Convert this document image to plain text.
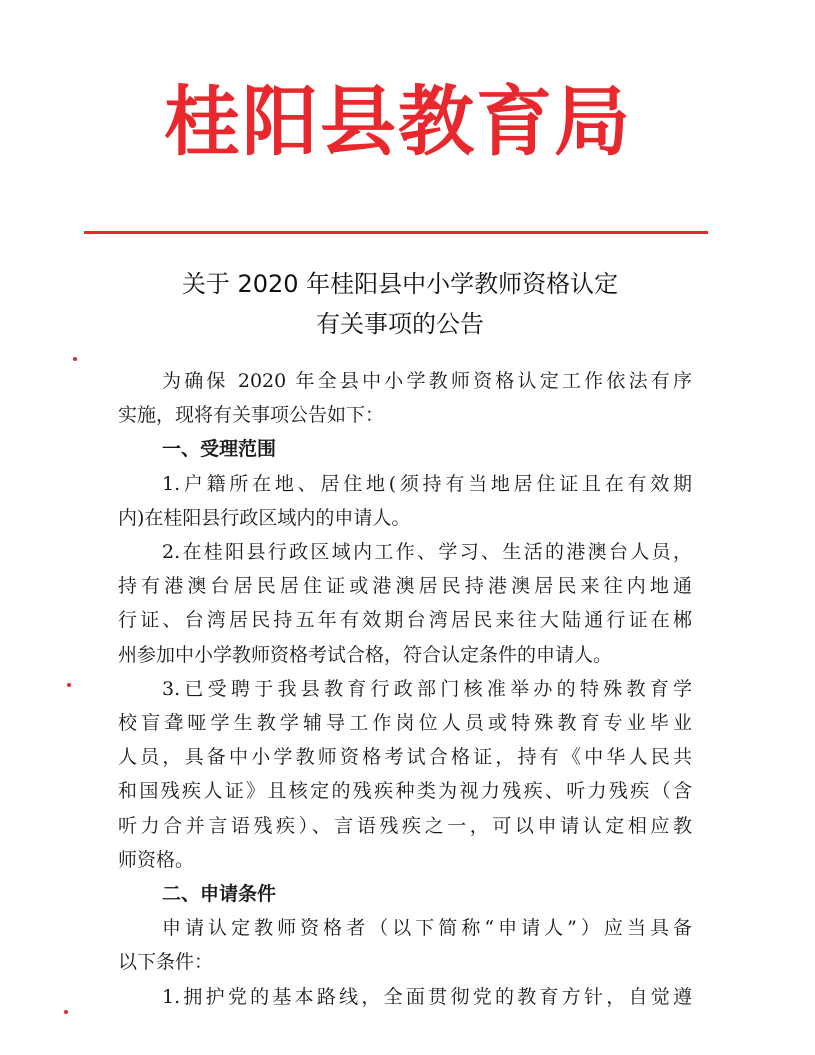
桂阳县教育局
关于 2020 年桂阳县中小学教师资格认定
有关事项的公告
为确保 2020 年全县中小学教师资格认定工作依法有序
实施，现将有关事项公告如下：
一、受理范围
1.户籍所在地、居住地(须持有当地居住证且在有效期
内)在桂阳县行政区域内的申请人。
2.在桂阳县行政区域内工作、学习、生活的港澳台人员，
持有港澳台居民居住证或港澳居民持港澳居民来往内地通
行证、台湾居民持五年有效期台湾居民来往大陆通行证在郴
州参加中小学教师资格考试合格，符合认定条件的申请人。
3.已受聘于我县教育行政部门核准举办的特殊教育学
校盲聋哑学生教学辅导工作岗位人员或特殊教育专业毕业
人员，具备中小学教师资格考试合格证，持有《中华人民共
和国残疾人证》且核定的残疾种类为视力残疾、听力残疾（含
听力合并言语残疾）、言语残疾之一，可以申请认定相应教
师资格。
二、申请条件
申请认定教师资格者（以下简称“申请人”）应当具备
以下条件：
1.拥护党的基本路线，全面贯彻党的教育方针，自觉遵
